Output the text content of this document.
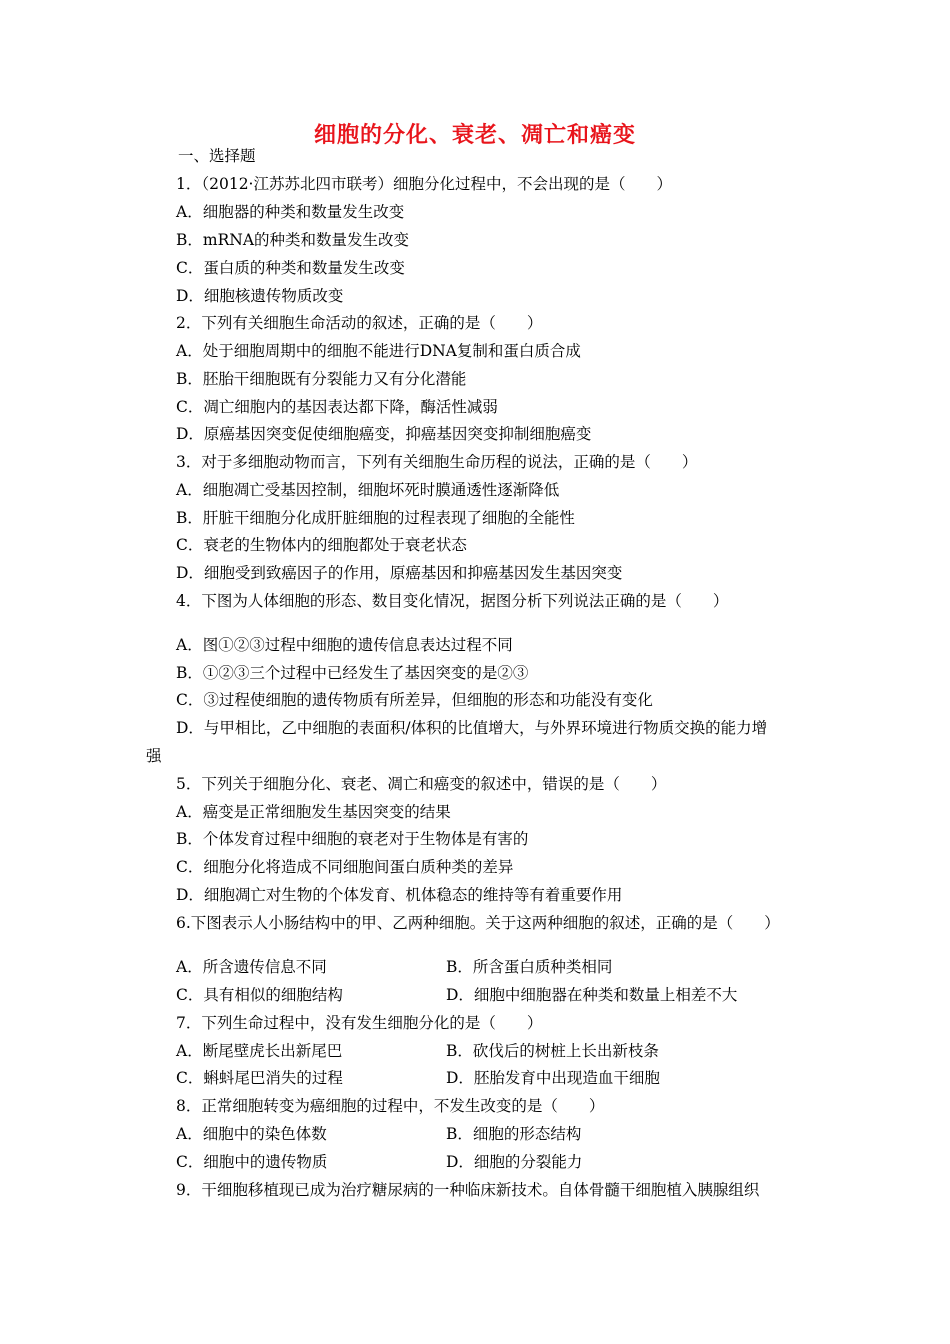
细胞的分化、衰老、凋亡和癌变
一、选择题
1．（2012·江苏苏北四市联考）细胞分化过程中，不会出现的是（　　）
A．细胞器的种类和数量发生改变
B．mRNA的种类和数量发生改变
C．蛋白质的种类和数量发生改变
D．细胞核遗传物质改变
2．下列有关细胞生命活动的叙述，正确的是（　　）
A．处于细胞周期中的细胞不能进行DNA复制和蛋白质合成
B．胚胎干细胞既有分裂能力又有分化潜能
C．凋亡细胞内的基因表达都下降，酶活性减弱
D．原癌基因突变促使细胞癌变，抑癌基因突变抑制细胞癌变
3．对于多细胞动物而言，下列有关细胞生命历程的说法，正确的是（　　）
A．细胞凋亡受基因控制，细胞坏死时膜通透性逐渐降低
B．肝脏干细胞分化成肝脏细胞的过程表现了细胞的全能性
C．衰老的生物体内的细胞都处于衰老状态
D．细胞受到致癌因子的作用，原癌基因和抑癌基因发生基因突变
4．下图为人体细胞的形态、数目变化情况，据图分析下列说法正确的是（　　）
A．图①②③过程中细胞的遗传信息表达过程不同
B．①②③三个过程中已经发生了基因突变的是②③
C．③过程使细胞的遗传物质有所差异，但细胞的形态和功能没有变化
D．与甲相比，乙中细胞的表面积/体积的比值增大，与外界环境进行物质交换的能力增
强
5．下列关于细胞分化、衰老、凋亡和癌变的叙述中，错误的是（　　）
A．癌变是正常细胞发生基因突变的结果
B．个体发育过程中细胞的衰老对于生物体是有害的
C．细胞分化将造成不同细胞间蛋白质种类的差异
D．细胞凋亡对生物的个体发育、机体稳态的维持等有着重要作用
6.下图表示人小肠结构中的甲、乙两种细胞。关于这两种细胞的叙述，正确的是（　　）
A．所含遗传信息不同	B．所含蛋白质种类相同
C．具有相似的细胞结构	D．细胞中细胞器在种类和数量上相差不大
7．下列生命过程中，没有发生细胞分化的是（　　）
A．断尾壁虎长出新尾巴	B．砍伐后的树桩上长出新枝条
C．蝌蚪尾巴消失的过程	D．胚胎发育中出现造血干细胞
8．正常细胞转变为癌细胞的过程中，不发生改变的是（　　）
A．细胞中的染色体数	B．细胞的形态结构
C．细胞中的遗传物质	D．细胞的分裂能力
9．干细胞移植现已成为治疗糖尿病的一种临床新技术。自体骨髓干细胞植入胰腺组织
